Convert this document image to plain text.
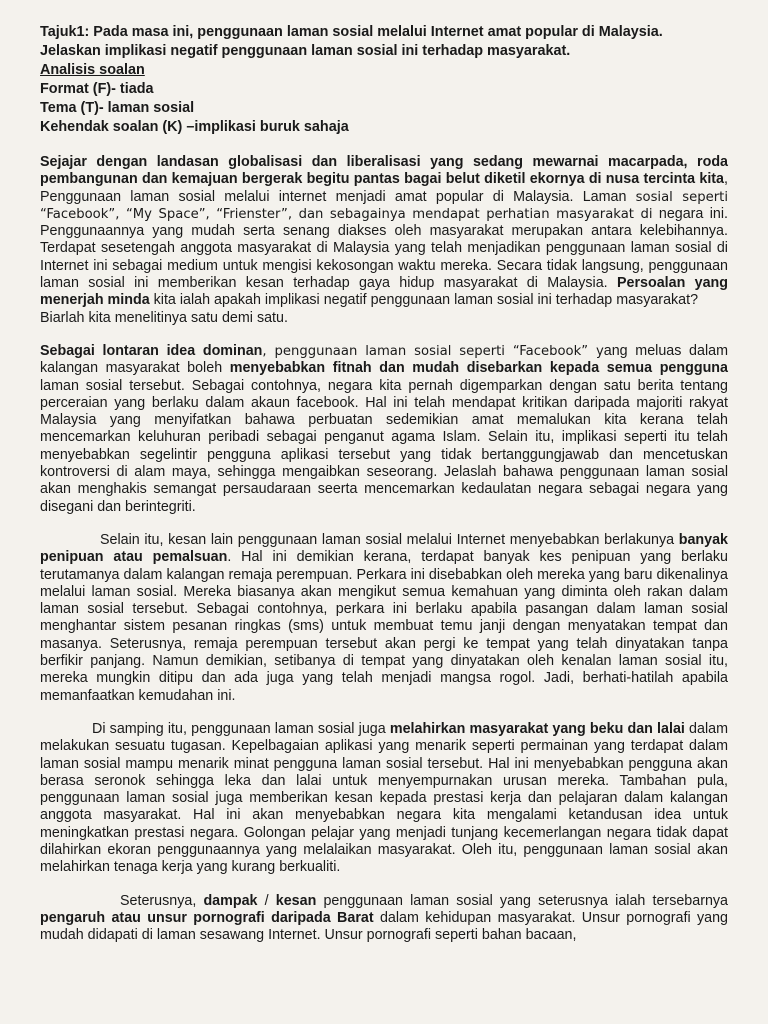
Tajuk1: Pada masa ini, penggunaan laman sosial melalui Internet amat popular di Malaysia.

Jelaskan implikasi negatif penggunaan laman sosial ini terhadap masyarakat.

Analisis soalan

Format (F)- tiada

Tema (T)- laman sosial

Kehendak soalan (K) –implikasi buruk sahaja

Sejajar dengan landasan globalisasi dan liberalisasi yang sedang mewarnai macarpada, roda pembangunan dan kemajuan bergerak begitu pantas bagai belut diketil ekornya di nusa tercinta kita, Penggunaan laman sosial melalui internet menjadi amat popular di Malaysia. Laman sosial seperti “Facebook”, “My Space”, “Frienster”, dan sebagainya mendapat perhatian masyarakat di negara ini. Penggunaannya yang mudah serta senang diakses oleh masyarakat merupakan antara kelebihannya. Terdapat sesetengah anggota masyarakat di Malaysia yang telah menjadikan penggunaan laman sosial di Internet ini sebagai medium untuk mengisi kekosongan waktu mereka. Secara tidak langsung, penggunaan laman sosial ini memberikan kesan terhadap gaya hidup masyarakat di Malaysia. Persoalan yang menerjah minda kita ialah apakah implikasi negatif penggunaan laman sosial ini terhadap masyarakat?

Biarlah kita menelitinya satu demi satu.

Sebagai lontaran idea dominan, penggunaan laman sosial seperti “Facebook” yang meluas dalam kalangan masyarakat boleh menyebabkan fitnah dan mudah disebarkan kepada semua pengguna laman sosial tersebut. Sebagai contohnya, negara kita pernah digemparkan dengan satu berita tentang perceraian yang berlaku dalam akaun facebook. Hal ini telah mendapat kritikan daripada majoriti rakyat Malaysia yang menyifatkan bahawa perbuatan sedemikian amat memalukan kita kerana telah mencemarkan keluhuran peribadi sebagai penganut agama Islam. Selain itu, implikasi seperti itu telah menyebabkan segelintir pengguna aplikasi tersebut yang tidak bertanggungjawab dan mencetuskan kontroversi di alam maya, sehingga mengaibkan seseorang. Jelaslah bahawa penggunaan laman sosial akan menghakis semangat persaudaraan seerta mencemarkan kedaulatan negara sebagai negara yang disegani dan berintegriti.

Selain itu, kesan lain penggunaan laman sosial melalui Internet menyebabkan berlakunya banyak penipuan atau pemalsuan. Hal ini demikian kerana, terdapat banyak kes penipuan yang berlaku terutamanya dalam kalangan remaja perempuan. Perkara ini disebabkan oleh mereka yang baru dikenalinya melalui laman sosial. Mereka biasanya akan mengikut semua kemahuan yang diminta oleh rakan dalam laman sosial tersebut. Sebagai contohnya, perkara ini berlaku apabila pasangan dalam laman sosial menghantar sistem pesanan ringkas (sms) untuk membuat temu janji dengan menyatakan tempat dan masanya. Seterusnya, remaja perempuan tersebut akan pergi ke tempat yang telah dinyatakan tanpa berfikir panjang. Namun demikian, setibanya di tempat yang dinyatakan oleh kenalan laman sosial itu, mereka mungkin ditipu dan ada juga yang telah menjadi mangsa rogol. Jadi, berhati-hatilah apabila memanfaatkan kemudahan ini.

Di samping itu, penggunaan laman sosial juga melahirkan masyarakat yang beku dan lalai dalam melakukan sesuatu tugasan. Kepelbagaian aplikasi yang menarik seperti permainan yang terdapat dalam laman sosial mampu menarik minat pengguna laman sosial tersebut. Hal ini menyebabkan pengguna akan berasa seronok sehingga leka dan lalai untuk menyempurnakan urusan mereka. Tambahan pula, penggunaan laman sosial juga memberikan kesan kepada prestasi kerja dan pelajaran dalam kalangan anggota masyarakat. Hal ini akan menyebabkan negara kita mengalami ketandusan idea untuk meningkatkan prestasi negara. Golongan pelajar yang menjadi tunjang kecemerlangan negara tidak dapat dilahirkan ekoran penggunaannya yang melalaikan masyarakat. Oleh itu, penggunaan laman sosial akan melahirkan tenaga kerja yang kurang berkualiti.

Seterusnya, dampak / kesan penggunaan laman sosial yang seterusnya ialah tersebarnya pengaruh atau unsur pornografi daripada Barat dalam kehidupan masyarakat. Unsur pornografi yang mudah didapati di laman sesawang Internet. Unsur pornografi seperti bahan bacaan,
